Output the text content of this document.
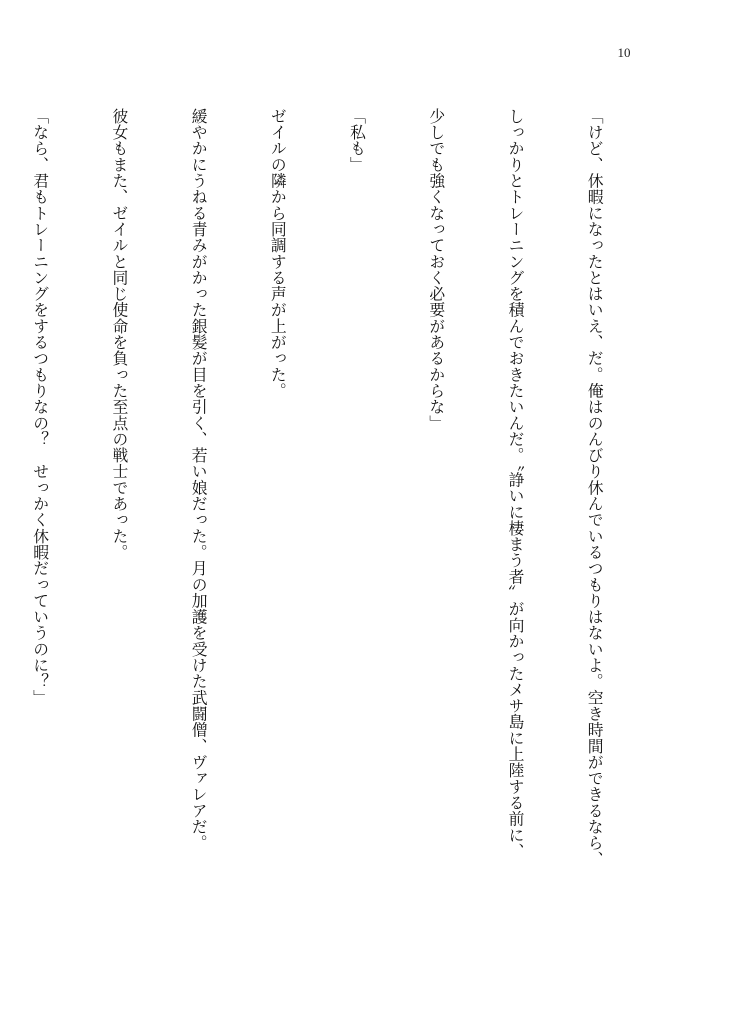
10

「けど、休暇になったとはいえ、だ。俺はのんびり休んでいるつもりはないよ。空き時間ができるなら、

しっかりとトレーニングを積んでおきたいんだ。〝諍いに棲まう者〟が向かったメサ島に上陸する前に、

少しでも強くなっておく必要があるからな」

「私も」

ゼイルの隣から同調する声が上がった。

緩やかにうねる青みがかった銀髪が目を引く、若い娘だった。月の加護を受けた武闘僧、ヴァレアだ。

彼女もまた、ゼイルと同じ使命を負った至点の戦士であった。

「なら、君もトレーニングをするつもりなの？　せっかく休暇だっていうのに？」
